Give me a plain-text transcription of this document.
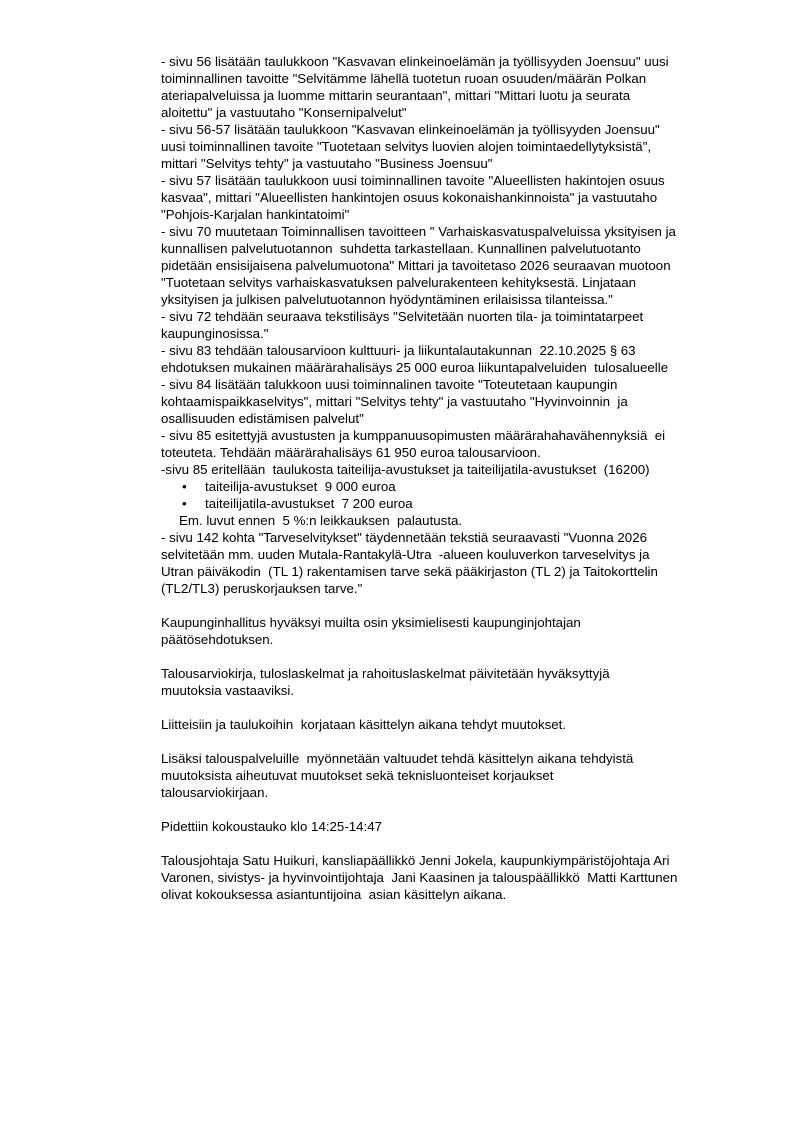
- sivu 56 lisätään taulukkoon "Kasvavan elinkeinoelämän ja työllisyyden Joensuu" uusi
toiminnallinen tavoitte "Selvitämme lähellä tuotetun ruoan osuuden/määrän Polkan
ateriapalveluissa ja luomme mittarin seurantaan", mittari "Mittari luotu ja seurata
aloitettu" ja vastuutaho "Konsernipalvelut"
- sivu 56-57 lisätään taulukkoon "Kasvavan elinkeinoelämän ja työllisyyden Joensuu"
uusi toiminnallinen tavoite "Tuotetaan selvitys luovien alojen toimintaedellytyksistä",
mittari "Selvitys tehty" ja vastuutaho "Business Joensuu"
- sivu 57 lisätään taulukkoon uusi toiminnallinen tavoite "Alueellisten hakintojen osuus
kasvaa", mittari "Alueellisten hankintojen osuus kokonaishankinnoista" ja vastuutaho
"Pohjois-Karjalan hankintatoimi"
- sivu 70 muutetaan Toiminnallisen tavoitteen " Varhaiskasvatuspalveluissa yksityisen ja
kunnallisen palvelutuotannon  suhdetta tarkastellaan. Kunnallinen palvelutuotanto
pidetään ensisijaisena palvelumuotona" Mittari ja tavoitetaso 2026 seuraavan muotoon
"Tuotetaan selvitys varhaiskasvatuksen palvelurakenteen kehityksestä. Linjataan
yksityisen ja julkisen palvelutuotannon hyödyntäminen erilaisissa tilanteissa."
- sivu 72 tehdään seuraava tekstilisäys "Selvitetään nuorten tila- ja toimintatarpeet
kaupunginosissa."
- sivu 83 tehdään talousarvioon kulttuuri- ja liikuntalautakunnan  22.10.2025 § 63
ehdotuksen mukainen määrärahalisäys 25 000 euroa liikuntapalveluiden  tulosalueelle
- sivu 84 lisätään talukkoon uusi toiminnalinen tavoite "Toteutetaan kaupungin
kohtaamispaikkaselvitys", mittari "Selvitys tehty" ja vastuutaho "Hyvinvoinnin  ja
osallisuuden edistämisen palvelut"
- sivu 85 esitettyjä avustusten ja kumppanuusopimusten määrärahahavähennyksiä  ei
toteuteta. Tehdään määrärahalisäys 61 950 euroa talousarvioon.
-sivu 85 eritellään  taulukosta taiteilija-avustukset ja taiteilijatila-avustukset  (16200)
• taiteilija-avustukset  9 000 euroa
• taiteilijatila-avustukset  7 200 euroa
Em. luvut ennen  5 %:n leikkauksen  palautusta.
- sivu 142 kohta "Tarveselvitykset" täydennetään tekstiä seuraavasti "Vuonna 2026
selvitetään mm. uuden Mutala-Rantakylä-Utra  -alueen kouluverkon tarveselvitys ja
Utran päiväkodin  (TL 1) rakentamisen tarve sekä pääkirjaston (TL 2) ja Taitokorttelin
(TL2/TL3) peruskorjauksen tarve."
Kaupunginhallitus hyväksyi muilta osin yksimielisesti kaupunginjohtajan
päätösehdotuksen.
Talousarviokirja, tuloslaskelmat ja rahoituslaskelmat päivitetään hyväksyttyjä
muutoksia vastaaviksi.
Liitteisiin ja taulukoihin  korjataan käsittelyn aikana tehdyt muutokset.
Lisäksi talouspalveluille  myönnetään valtuudet tehdä käsittelyn aikana tehdyistä
muutoksista aiheutuvat muutokset sekä teknisluonteiset korjaukset
talousarviokirjaan.
Pidettiin kokoustauko klo 14:25-14:47
Talousjohtaja Satu Huikuri, kansliapäällikkö Jenni Jokela, kaupunkiympäristöjohtaja Ari
Varonen, sivistys- ja hyvinvointijohtaja  Jani Kaasinen ja talouspäällikkö  Matti Karttunen
olivat kokouksessa asiantuntijoina  asian käsittelyn aikana.
